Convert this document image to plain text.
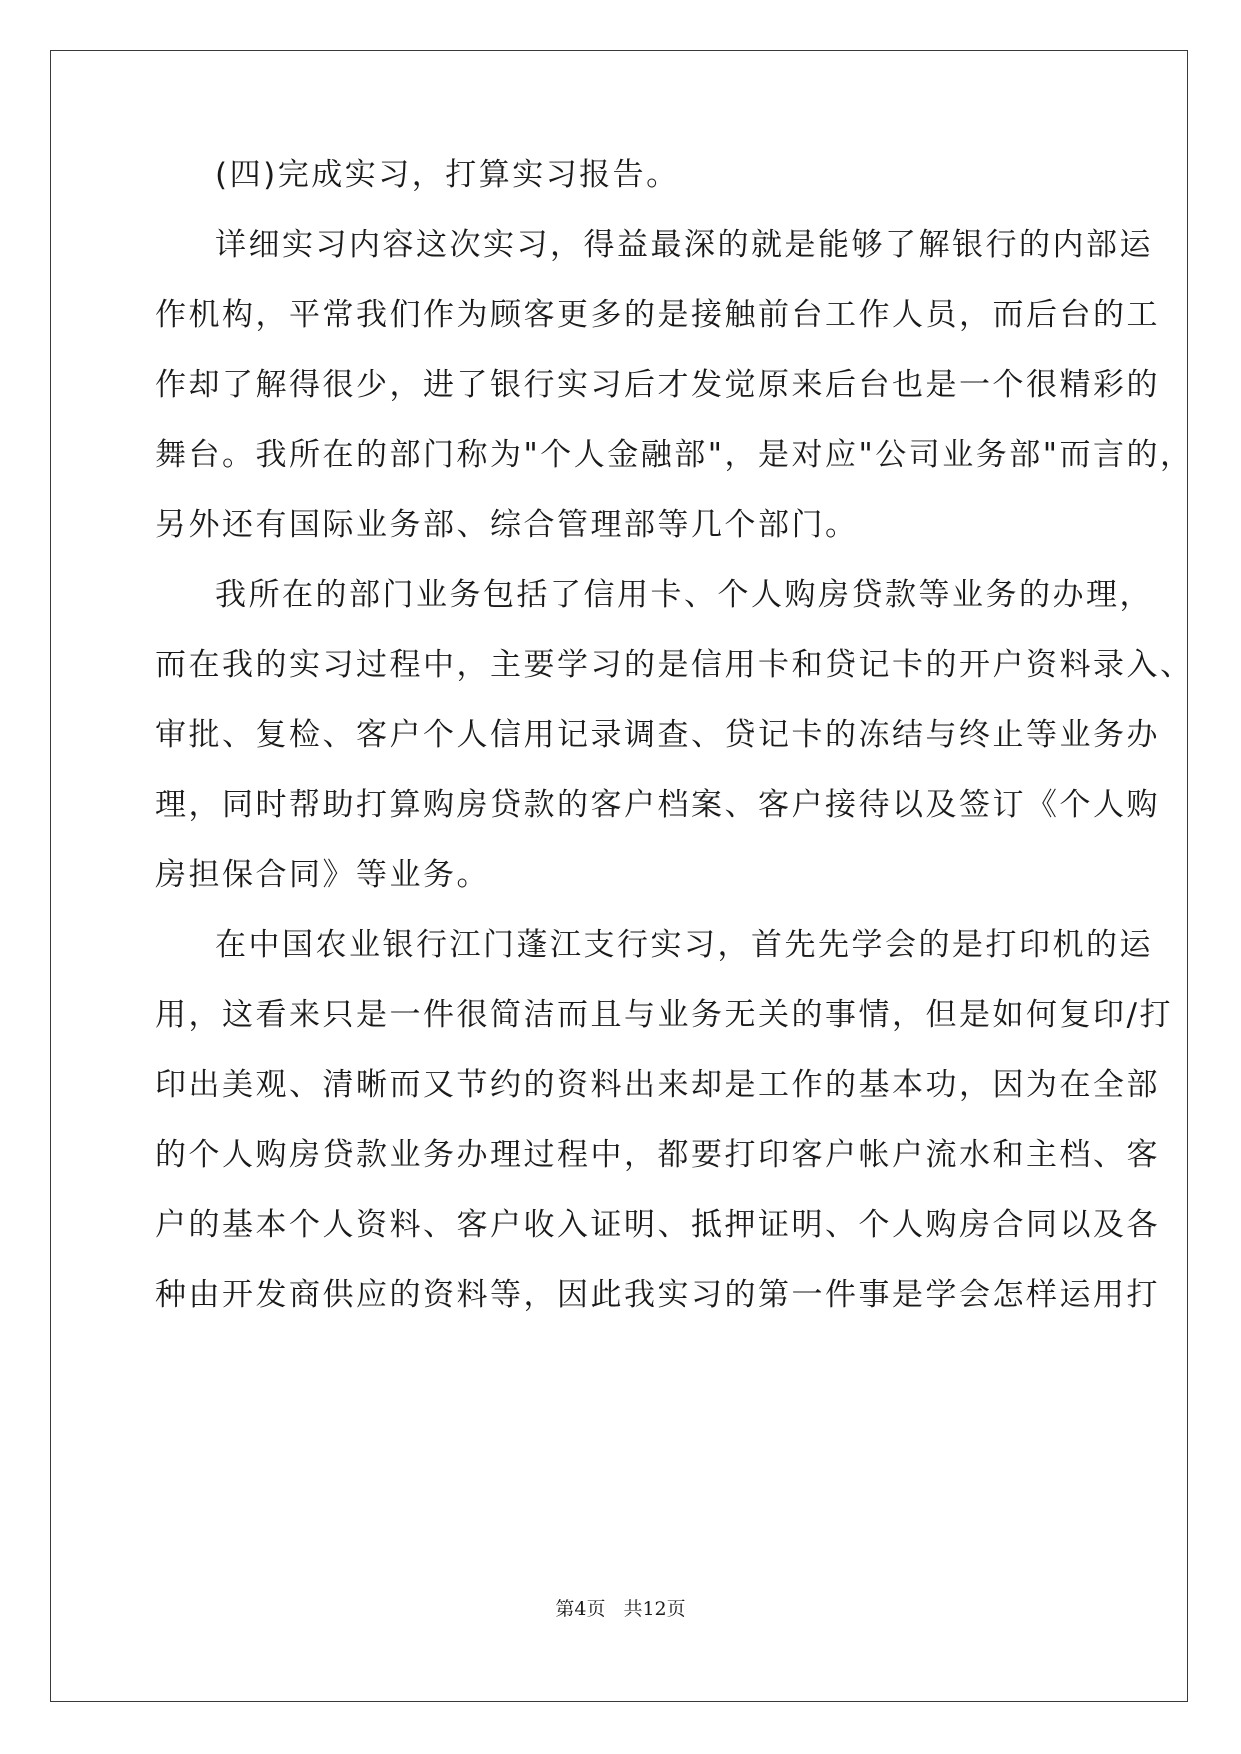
(四)完成实习，打算实习报告。

详细实习内容这次实习，得益最深的就是能够了解银行的内部运

作机构，平常我们作为顾客更多的是接触前台工作人员，而后台的工

作却了解得很少，进了银行实习后才发觉原来后台也是一个很精彩的

舞台。我所在的部门称为"个人金融部"，是对应"公司业务部"而言的，

另外还有国际业务部、综合管理部等几个部门。

我所在的部门业务包括了信用卡、个人购房贷款等业务的办理，

而在我的实习过程中，主要学习的是信用卡和贷记卡的开户资料录入、

审批、复检、客户个人信用记录调查、贷记卡的冻结与终止等业务办

理，同时帮助打算购房贷款的客户档案、客户接待以及签订《个人购

房担保合同》等业务。

在中国农业银行江门蓬江支行实习，首先先学会的是打印机的运

用，这看来只是一件很简洁而且与业务无关的事情，但是如何复印/打

印出美观、清晰而又节约的资料出来却是工作的基本功，因为在全部

的个人购房贷款业务办理过程中，都要打印客户帐户流水和主档、客

户的基本个人资料、客户收入证明、抵押证明、个人购房合同以及各

种由开发商供应的资料等，因此我实习的第一件事是学会怎样运用打

第4页 共12页
